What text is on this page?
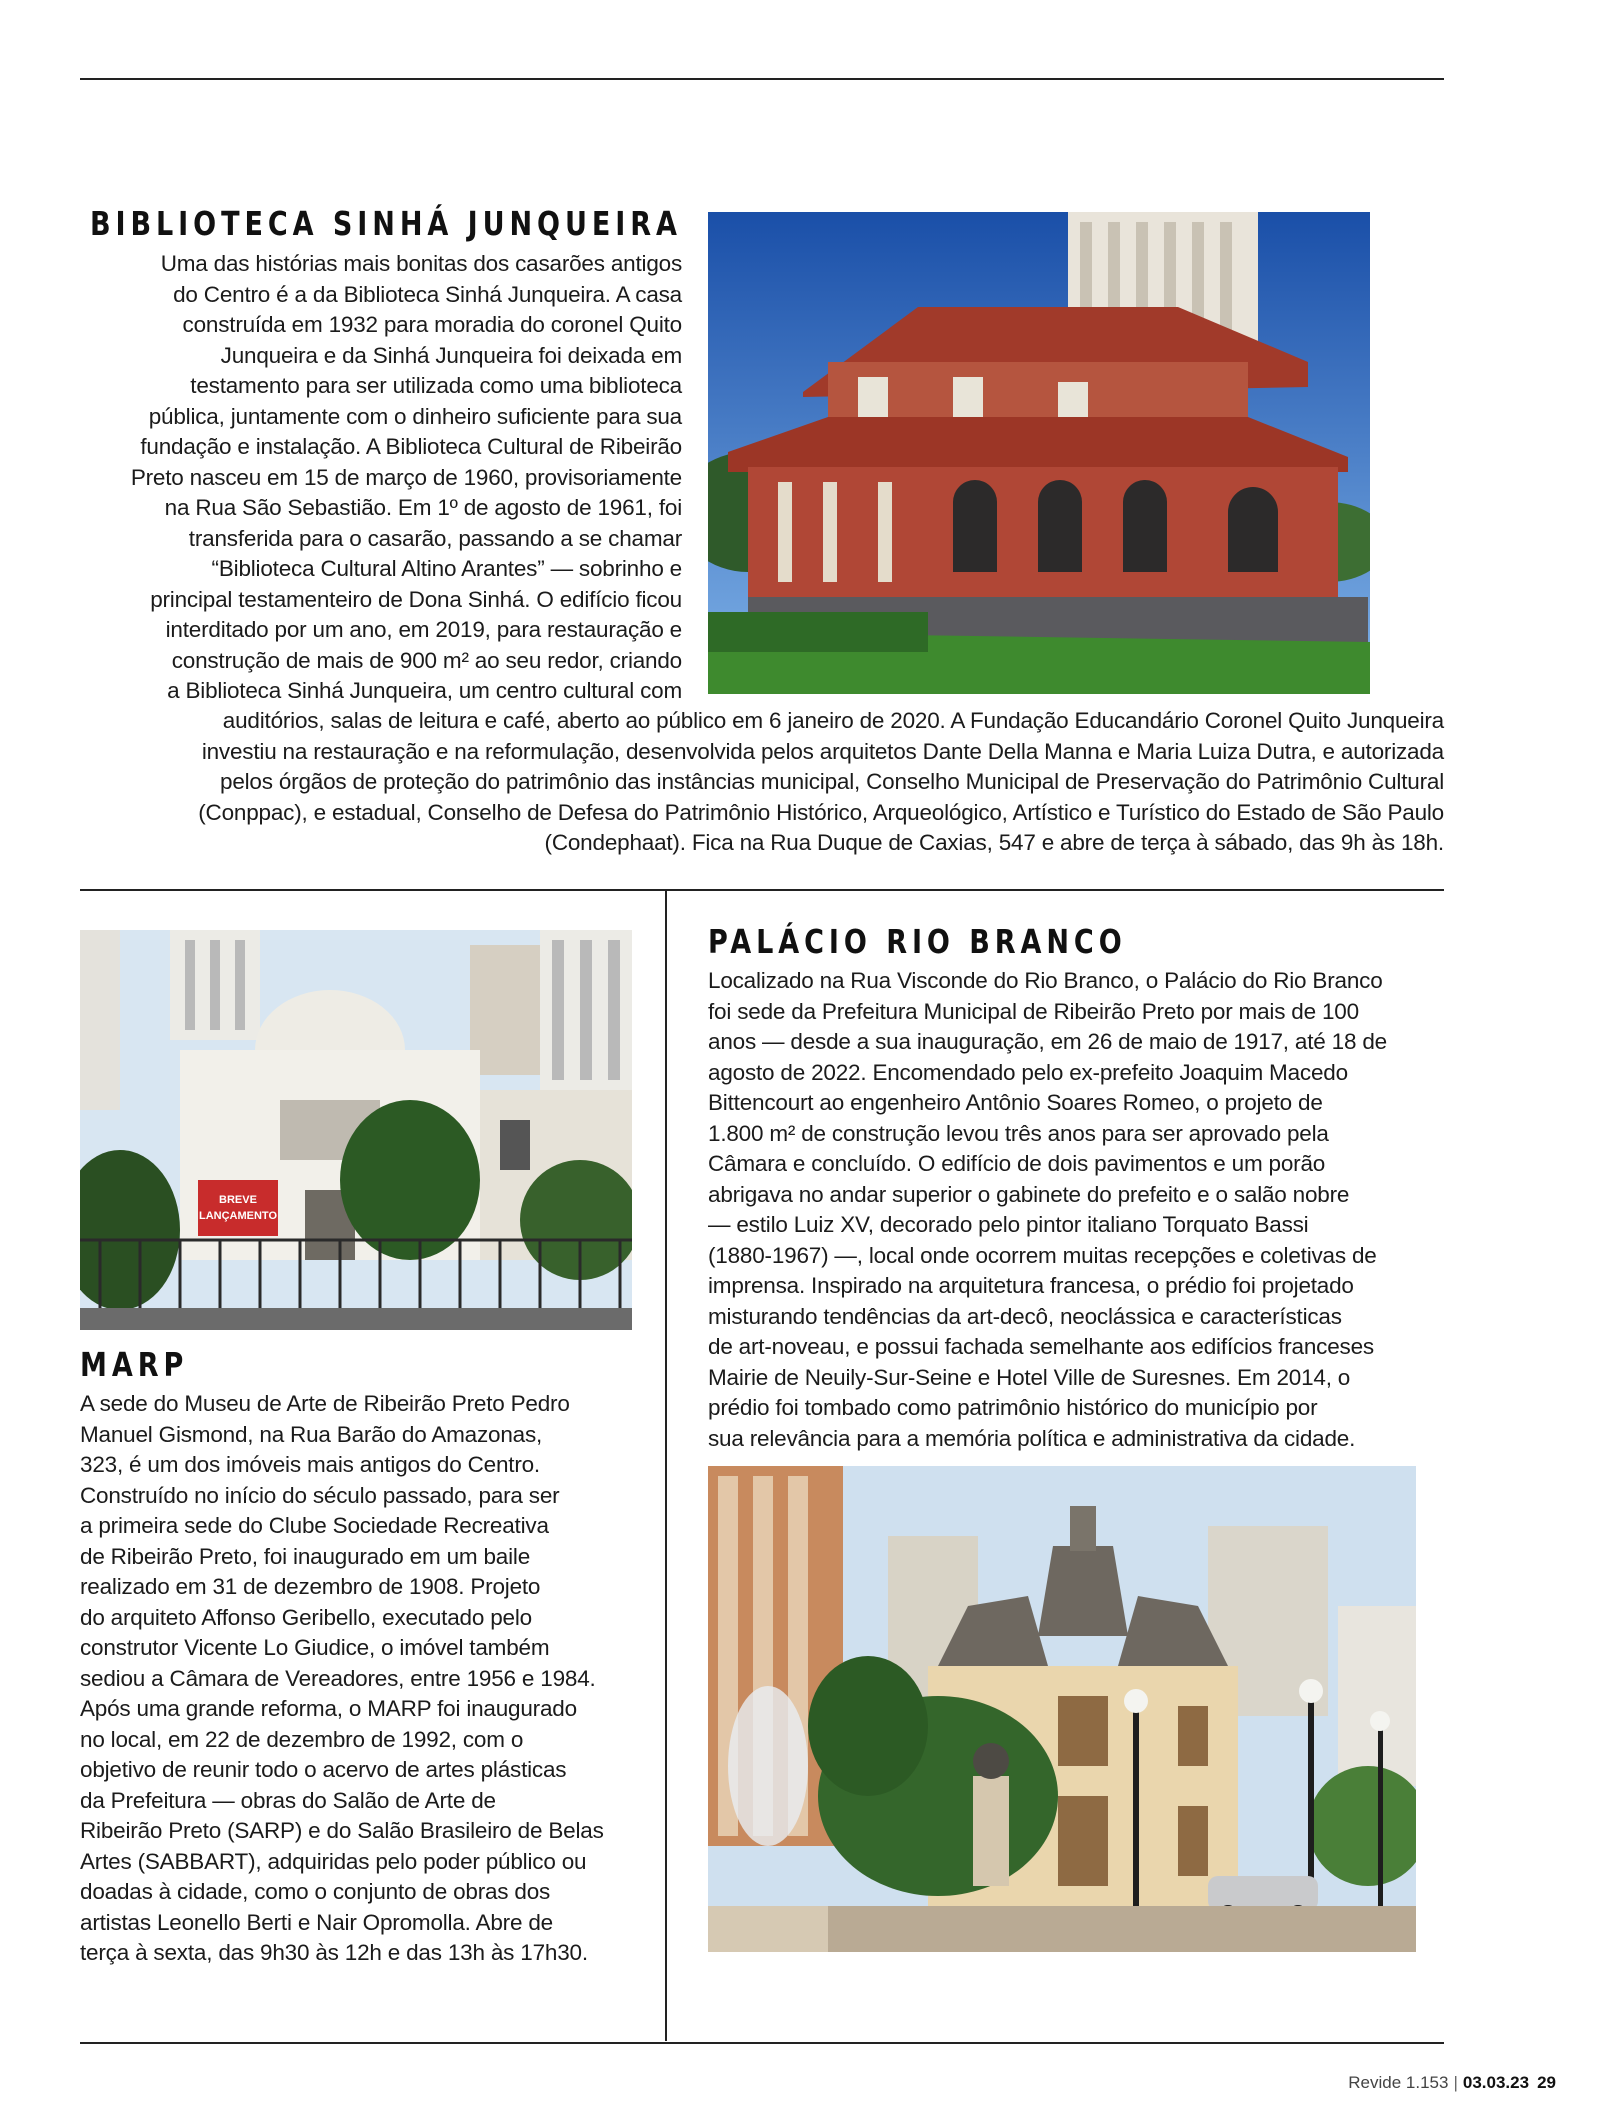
BIBLIOTECA SINHÁ JUNQUEIRA
Uma das histórias mais bonitas dos casarões antigos
do Centro é a da Biblioteca Sinhá Junqueira. A casa
construída em 1932 para moradia do coronel Quito
Junqueira e da Sinhá Junqueira foi deixada em
testamento para ser utilizada como uma biblioteca
pública, juntamente com o dinheiro suficiente para sua
fundação e instalação. A Biblioteca Cultural de Ribeirão
Preto nasceu em 15 de março de 1960, provisoriamente
na Rua São Sebastião. Em 1º de agosto de 1961, foi
transferida para o casarão, passando a se chamar
“Biblioteca Cultural Altino Arantes” — sobrinho e
principal testamenteiro de Dona Sinhá. O edifício ficou
interditado por um ano, em 2019, para restauração e
construção de mais de 900 m² ao seu redor, criando
a Biblioteca Sinhá Junqueira, um centro cultural com
auditórios, salas de leitura e café, aberto ao público em 6 janeiro de 2020. A Fundação Educandário Coronel Quito Junqueira
investiu na restauração e na reformulação, desenvolvida pelos arquitetos Dante Della Manna e Maria Luiza Dutra, e autorizada
pelos órgãos de proteção do patrimônio das instâncias municipal, Conselho Municipal de Preservação do Patrimônio Cultural
(Conppac), e estadual, Conselho de Defesa do Patrimônio Histórico, Arqueológico, Artístico e Turístico do Estado de São Paulo
(Condephaat). Fica na Rua Duque de Caxias, 547 e abre de terça à sábado, das 9h às 18h.
BREVE
LANÇAMENTO
MARP
A sede do Museu de Arte de Ribeirão Preto Pedro
Manuel Gismond, na Rua Barão do Amazonas,
323, é um dos imóveis mais antigos do Centro.
Construído no início do século passado, para ser
a primeira sede do Clube Sociedade Recreativa
de Ribeirão Preto, foi inaugurado em um baile
realizado em 31 de dezembro de 1908. Projeto
do arquiteto Affonso Geribello, executado pelo
construtor Vicente Lo Giudice, o imóvel também
sediou a Câmara de Vereadores, entre 1956 e 1984.
Após uma grande reforma, o MARP foi inaugurado
no local, em 22 de dezembro de 1992, com o
objetivo de reunir todo o acervo de artes plásticas
da Prefeitura — obras do Salão de Arte de
Ribeirão Preto (SARP) e do Salão Brasileiro de Belas
Artes (SABBART), adquiridas pelo poder público ou
doadas à cidade, como o conjunto de obras dos
artistas Leonello Berti e Nair Opromolla. Abre de
terça à sexta, das 9h30 às 12h e das 13h às 17h30.
PALÁCIO RIO BRANCO
Localizado na Rua Visconde do Rio Branco, o Palácio do Rio Branco
foi sede da Prefeitura Municipal de Ribeirão Preto por mais de 100
anos — desde a sua inauguração, em 26 de maio de 1917, até 18 de
agosto de 2022. Encomendado pelo ex-prefeito Joaquim Macedo
Bittencourt ao engenheiro Antônio Soares Romeo, o projeto de
1.800 m² de construção levou três anos para ser aprovado pela
Câmara e concluído. O edifício de dois pavimentos e um porão
abrigava no andar superior o gabinete do prefeito e o salão nobre
— estilo Luiz XV, decorado pelo pintor italiano Torquato Bassi
(1880-1967) —, local onde ocorrem muitas recepções e coletivas de
imprensa. Inspirado na arquitetura francesa, o prédio foi projetado
misturando tendências da art-decô, neoclássica e características
de art-noveau, e possui fachada semelhante aos edifícios franceses
Mairie de Neuily-Sur-Seine e Hotel Ville de Suresnes. Em 2014, o
prédio foi tombado como patrimônio histórico do município por
sua relevância para a memória política e administrativa da cidade.
Revide 1.153 | 03.03.23 29
